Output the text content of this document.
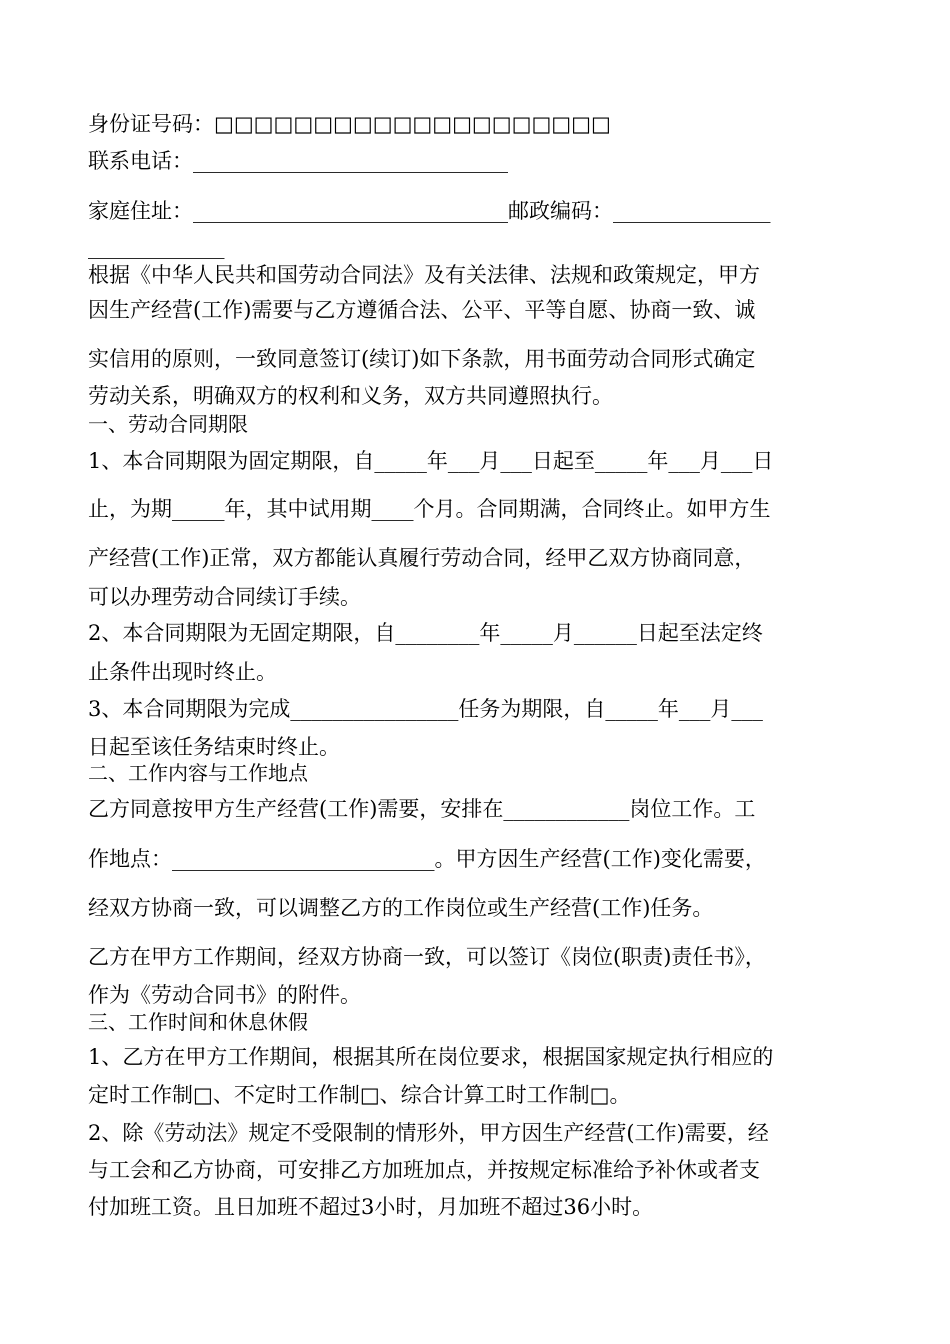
身份证号码：□□□□□□□□□□□□□□□□□□□□
联系电话：______________________________
家庭住址：______________________________邮政编码：_______________
_____________
根据《中华人民共和国劳动合同法》及有关法律、法规和政策规定，甲方
因生产经营(工作)需要与乙方遵循合法、公平、平等自愿、协商一致、诚
实信用的原则，一致同意签订(续订)如下条款，用书面劳动合同形式确定
劳动关系，明确双方的权利和义务，双方共同遵照执行。
一、劳动合同期限
1、本合同期限为固定期限，自_____年___月___日起至_____年___月___日
止，为期_____年，其中试用期____个月。合同期满，合同终止。如甲方生
产经营(工作)正常，双方都能认真履行劳动合同，经甲乙双方协商同意，
可以办理劳动合同续订手续。
2、本合同期限为无固定期限，自________年_____月______日起至法定终
止条件出现时终止。
3、本合同期限为完成________________任务为期限，自_____年___月___
日起至该任务结束时终止。
二、工作内容与工作地点
乙方同意按甲方生产经营(工作)需要，安排在____________岗位工作。工
作地点：_________________________。甲方因生产经营(工作)变化需要，
经双方协商一致，可以调整乙方的工作岗位或生产经营(工作)任务。
乙方在甲方工作期间，经双方协商一致，可以签订《岗位(职责)责任书》，
作为《劳动合同书》的附件。
三、工作时间和休息休假
1、乙方在甲方工作期间，根据其所在岗位要求，根据国家规定执行相应的
定时工作制□、不定时工作制□、综合计算工时工作制□。
2、除《劳动法》规定不受限制的情形外，甲方因生产经营(工作)需要，经
与工会和乙方协商，可安排乙方加班加点，并按规定标准给予补休或者支
付加班工资。且日加班不超过3小时，月加班不超过36小时。
